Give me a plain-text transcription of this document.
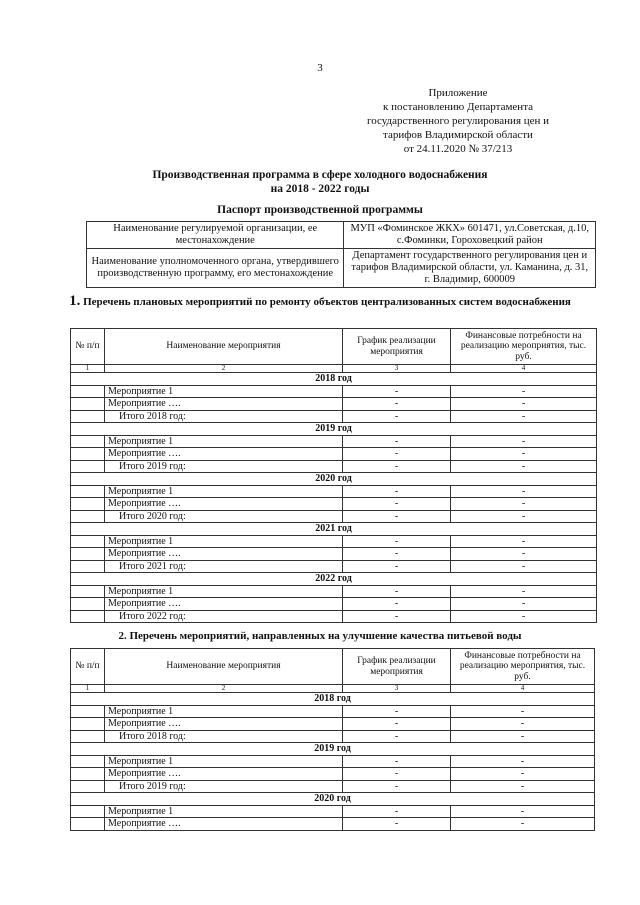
3
Приложение
к постановлению Департамента
государственного регулирования цен и
тарифов Владимирской области
от 24.11.2020 № 37/213
Производственная программа в сфере холодного водоснабжения
на 2018 - 2022 годы
Паспорт производственной программы
Наименование регулируемой организации, ее местонахождение	МУП «Фоминское ЖКХ» 601471, ул.Советская, д.10, с.Фоминки, Гороховецкий район
Наименование уполномоченного органа, утвердившего производственную программу, его местонахождение	Департамент государственного регулирования цен и тарифов Владимирской области, ул. Каманина, д. 31, г. Владимир, 600009
1. Перечень плановых мероприятий по ремонту объектов централизованных систем водоснабжения
№ п/п	Наименование мероприятия	График реализации мероприятия	Финансовые потребности на реализацию мероприятия, тыс. руб.
1	2	3	4
2018 год			
	Мероприятие 1	-	-
	Мероприятие ….	-	-
	Итого 2018 год:	-	-
2019 год			
	Мероприятие 1	-	-
	Мероприятие ….	-	-
	Итого 2019 год:	-	-
2020 год			
	Мероприятие 1	-	-
	Мероприятие ….	-	-
	Итого 2020 год:	-	-
2021 год			
	Мероприятие 1	-	-
	Мероприятие ….	-	-
	Итого 2021 год:	-	-
2022 год			
	Мероприятие 1	-	-
	Мероприятие ….	-	-
	Итого 2022 год:	-	-
2. Перечень мероприятий, направленных на улучшение качества питьевой воды
№ п/п	Наименование мероприятия	График реализации мероприятия	Финансовые потребности на реализацию мероприятия, тыс. руб.
1	2	3	4
2018 год			
	Мероприятие 1	-	-
	Мероприятие ….	-	-
	Итого 2018 год:	-	-
2019 год			
	Мероприятие 1	-	-
	Мероприятие ….	-	-
	Итого 2019 год:	-	-
2020 год			
	Мероприятие 1	-	-
	Мероприятие ….	-	-
